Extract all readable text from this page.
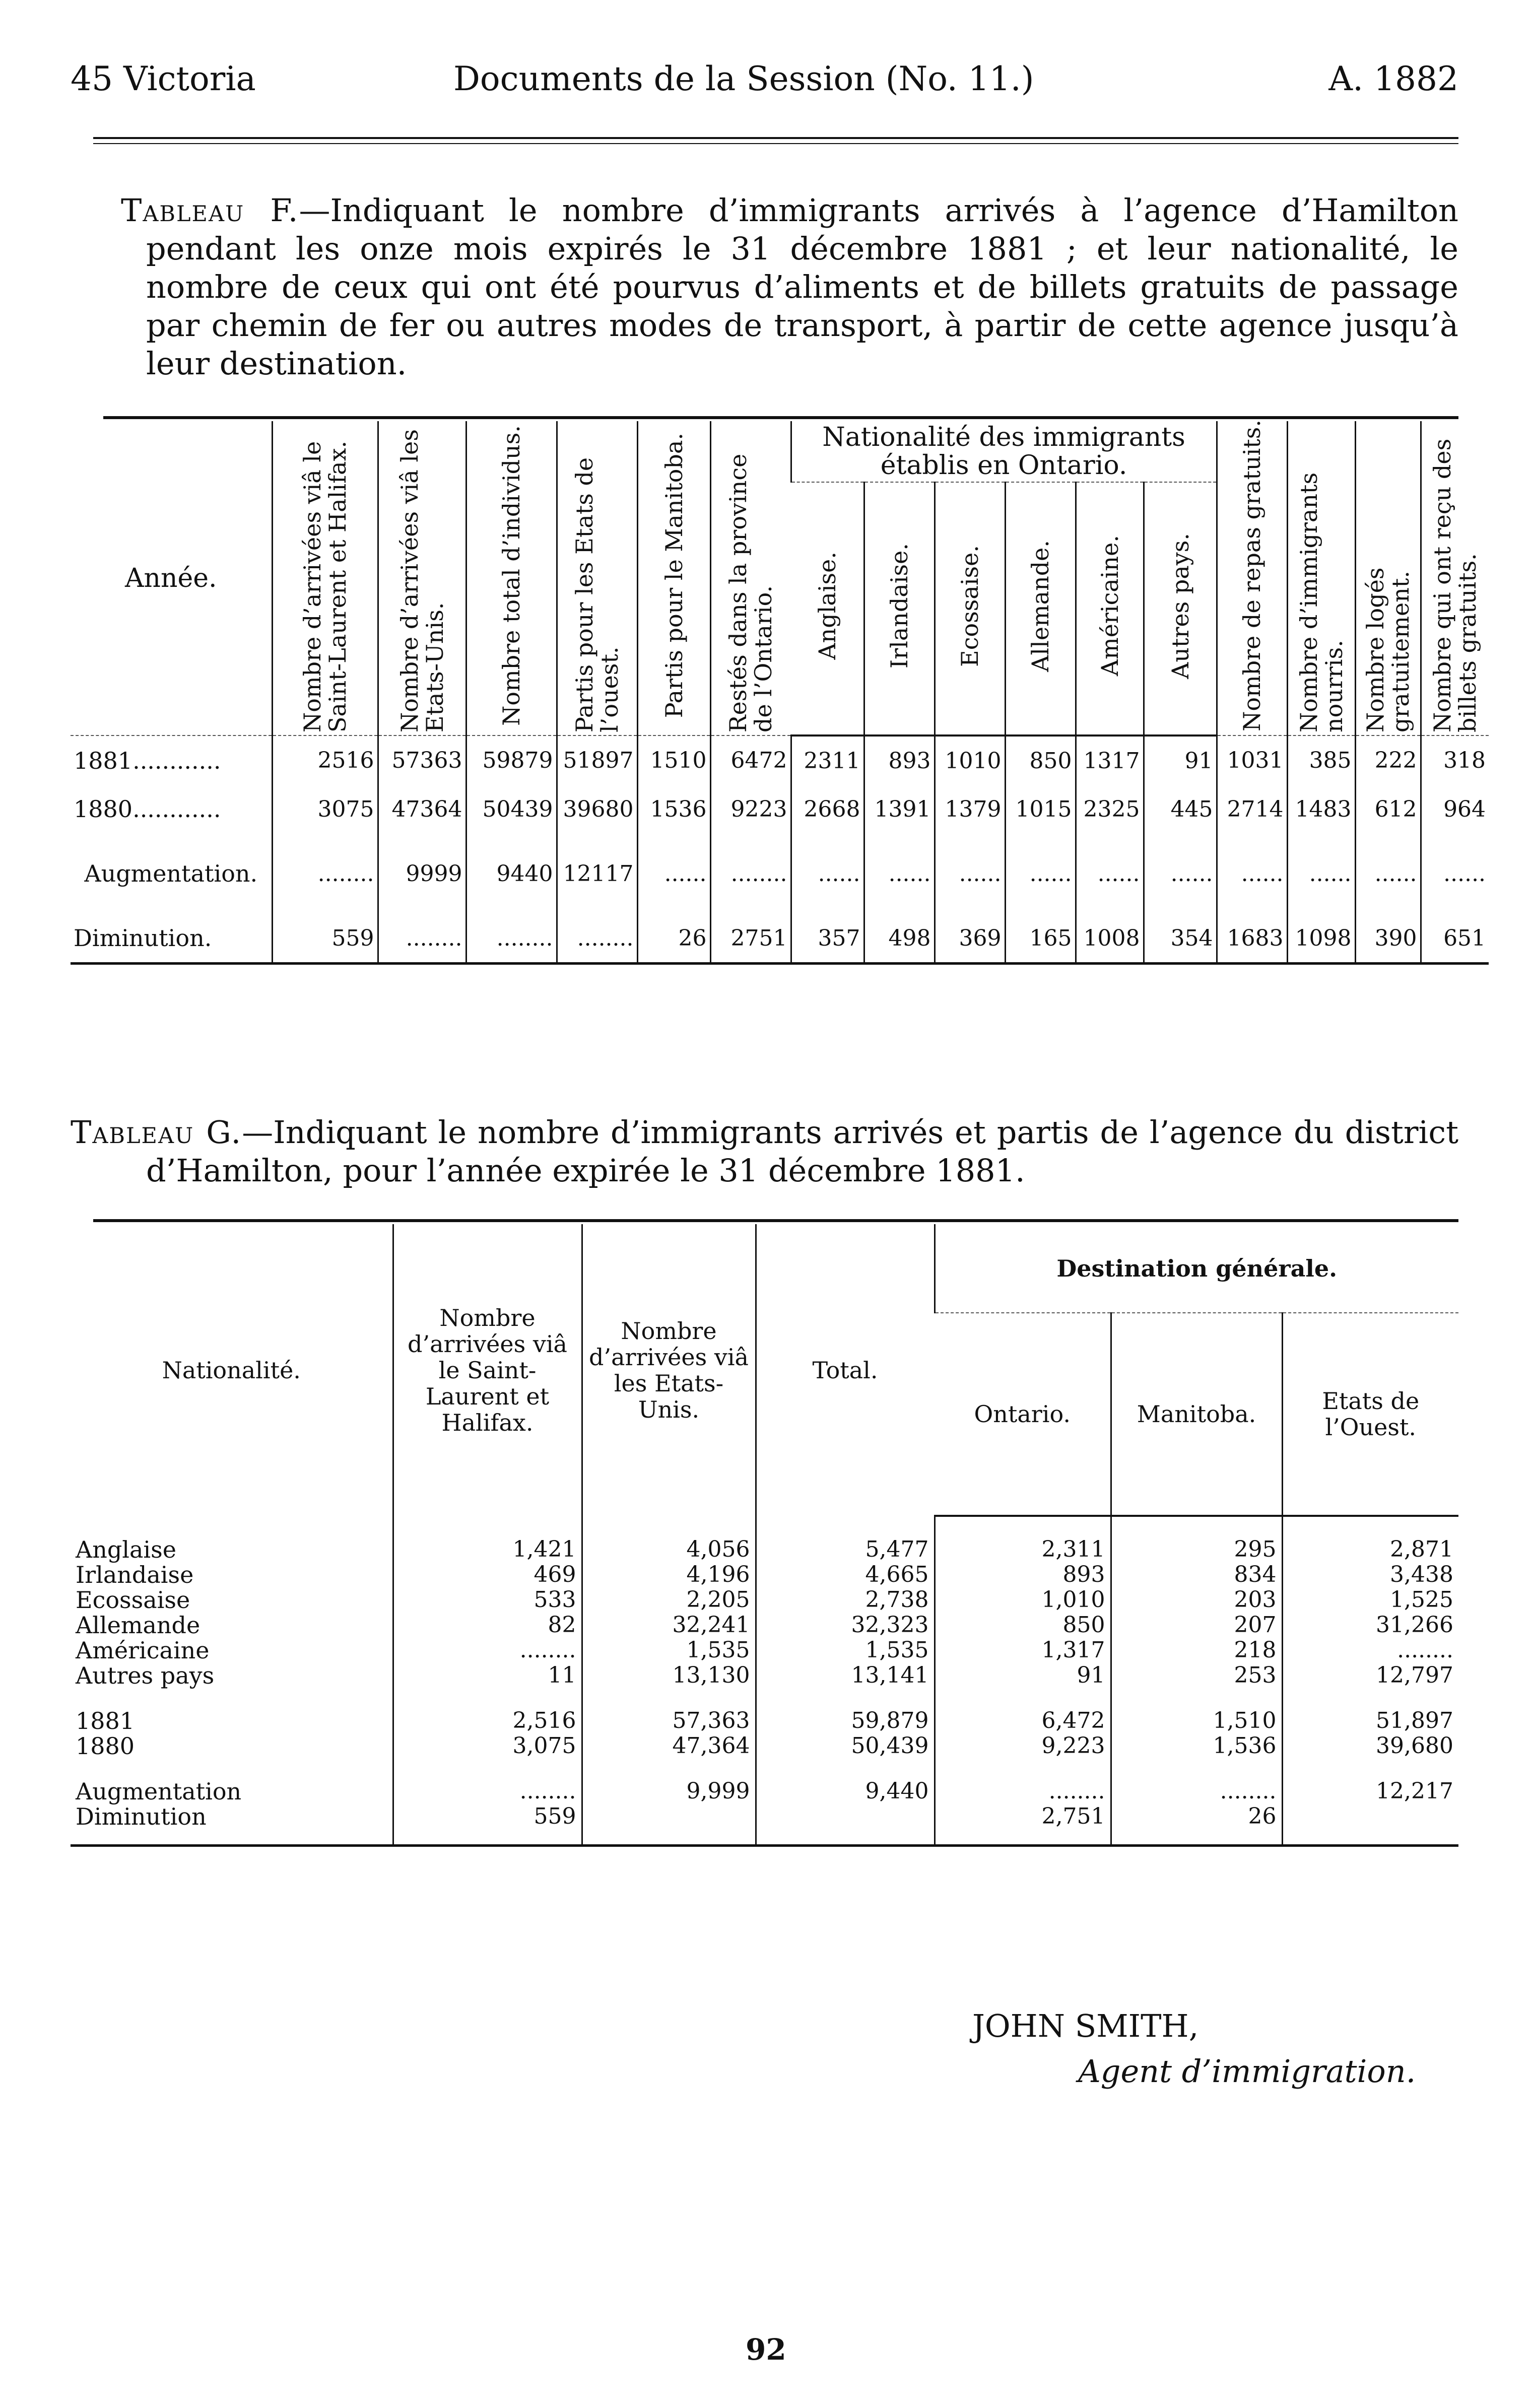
45 Victoria	Documents de la Session (No. 11.)	A. 1882
Tableau F.—Indiquant le nombre d’immigrants arrivés à l’agence d’Hamilton pendant les onze mois expirés le 31 décembre 1881 ; et leur nationalité, le nombre de ceux qui ont été pourvus d’aliments et de billets gratuits de passage par chemin de fer ou autres modes de transport, à partir de cette agence jusqu’à leur destination.
Année.	Nombre d’arrivées viâ le Saint-Laurent et Halifax.	Nombre d’arrivées viâ les Etats-Unis.	Nombre total d’individus.	Partis pour les Etats de l’ouest.	Partis pour le Manitoba.	Restés dans la province de l’Ontario.	Nationalité des immigrants établis en Ontario.						Nombre de repas gratuits.	Nombre d’immigrants nourris.	Nombre logés gratuitement.	Nombre qui ont reçu des billets gratuits.
							Anglaise.	Irlandaise.	Ecossaise.	Allemande.	Américaine.	Autres pays.				
1881............	2516	57363	59879	51897	1510	6472	2311	893	1010	850	1317	91	1031	385	222	318
1880............	3075	47364	50439	39680	1536	9223	2668	1391	1379	1015	2325	445	2714	1483	612	964
Augmentation.	........	9999	9440	12117	......	........	......	......	......	......	......	......	......	......	......	......
Diminution.	559	........	........	........	26	2751	357	498	369	165	1008	354	1683	1098	390	651
Tableau G.—Indiquant le nombre d’immigrants arrivés et partis de l’agence du district d’Hamilton, pour l’année expirée le 31 décembre 1881.
Nationalité.	Nombre d’arrivées viâ le Saint-Laurent et Halifax.	Nombre d’arrivées viâ les Etats-Unis.	Total.	Destination générale.		
				Ontario.	Manitoba.	Etats de l’Ouest.

Anglaise	1,421	4,056	5,477	2,311	295	2,871
Irlandaise	469	4,196	4,665	893	834	3,438
Ecossaise	533	2,205	2,738	1,010	203	1,525
Allemande	82	32,241	32,323	850	207	31,266
Américaine	........	1,535	1,535	1,317	218	........
Autres pays	11	13,130	13,141	91	253	12,797

1881	2,516	57,363	59,879	6,472	1,510	51,897
1880	3,075	47,364	50,439	9,223	1,536	39,680

Augmentation	........	9,999	9,440	........	........	12,217
Diminution	559			2,751	26	
JOHN SMITH,
Agent d’immigration.
92
